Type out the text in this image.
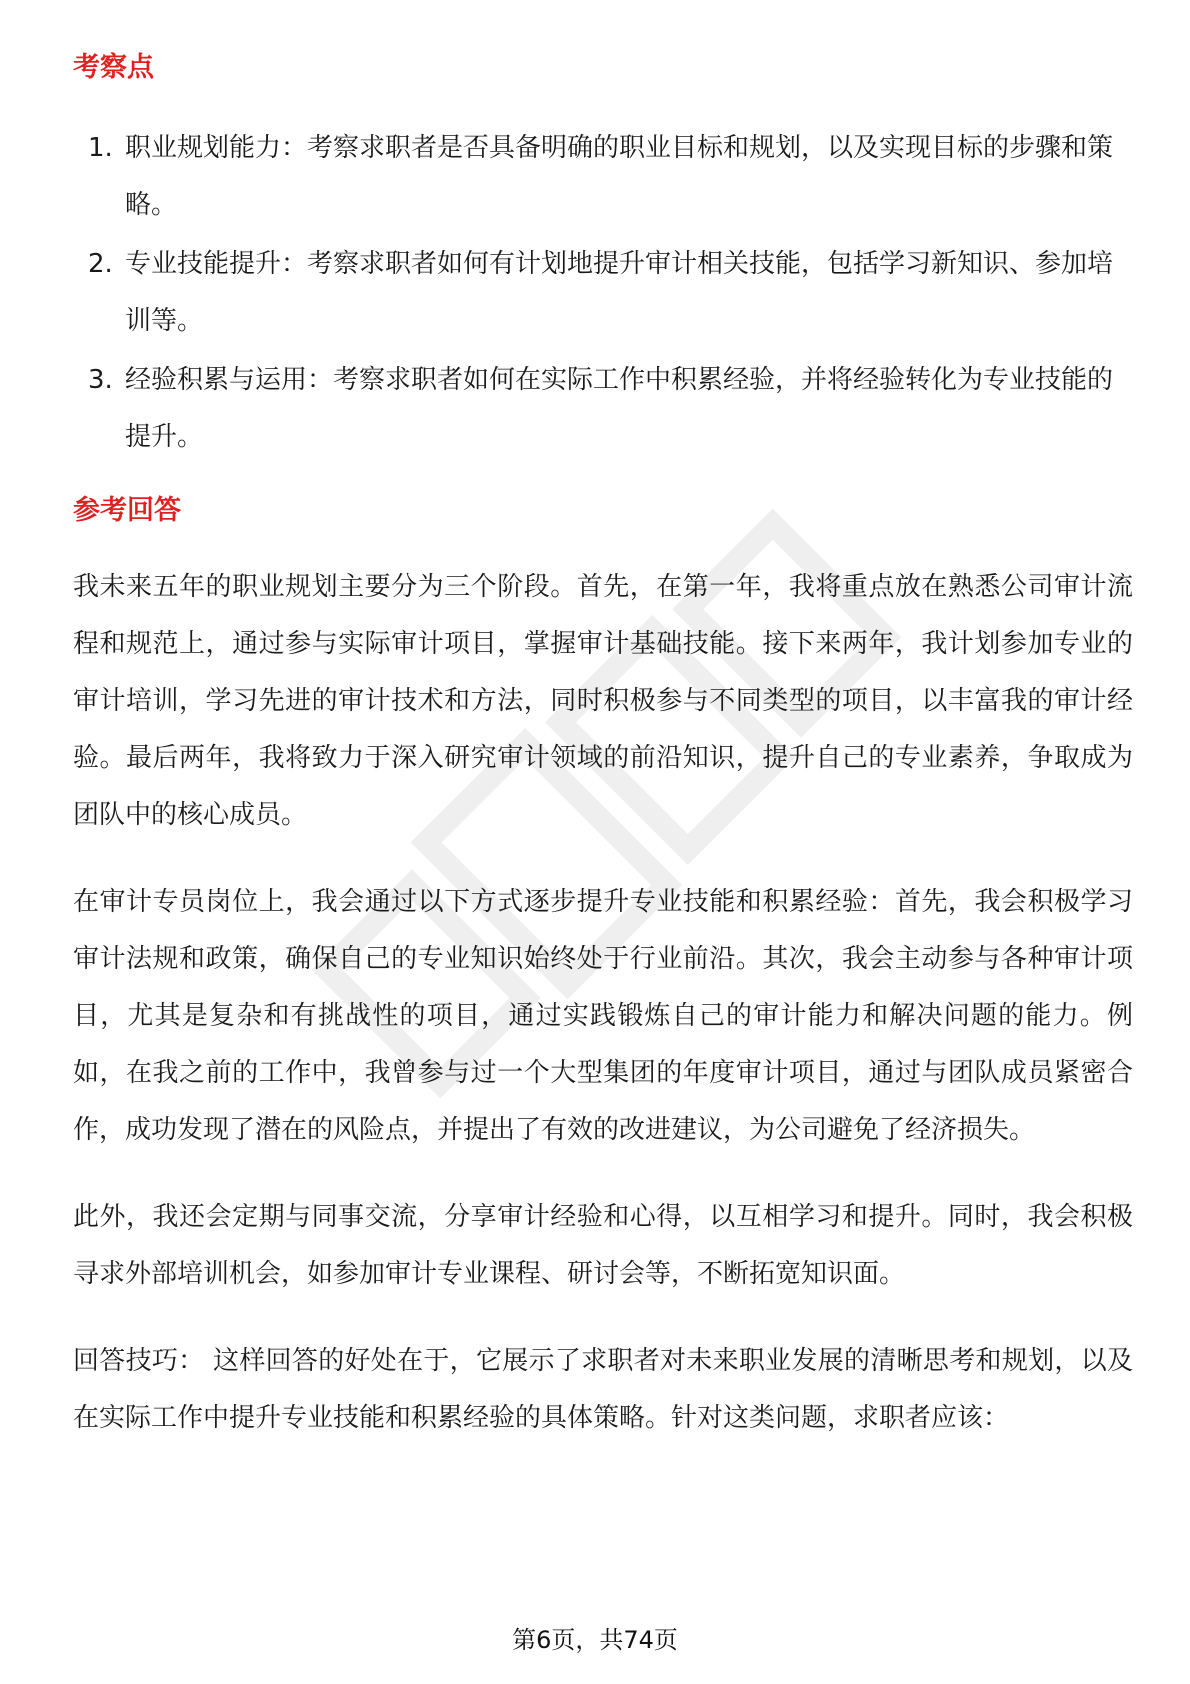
考察点
1. 职业规划能力：考察求职者是否具备明确的职业目标和规划，以及实现目标的步骤和策略。
2. 专业技能提升：考察求职者如何有计划地提升审计相关技能，包括学习新知识、参加培训等。
3. 经验积累与运用：考察求职者如何在实际工作中积累经验，并将经验转化为专业技能的提升。
参考回答

我未来五年的职业规划主要分为三个阶段。首先，在第一年，我将重点放在熟悉公司审计流程和规范上，通过参与实际审计项目，掌握审计基础技能。接下来两年，我计划参加专业的审计培训，学习先进的审计技术和方法，同时积极参与不同类型的项目，以丰富我的审计经验。最后两年，我将致力于深入研究审计领域的前沿知识，提升自己的专业素养，争取成为团队中的核心成员。

在审计专员岗位上，我会通过以下方式逐步提升专业技能和积累经验：首先，我会积极学习审计法规和政策，确保自己的专业知识始终处于行业前沿。其次，我会主动参与各种审计项目，尤其是复杂和有挑战性的项目，通过实践锻炼自己的审计能力和解决问题的能力。例如，在我之前的工作中，我曾参与过一个大型集团的年度审计项目，通过与团队成员紧密合作，成功发现了潜在的风险点，并提出了有效的改进建议，为公司避免了经济损失。

此外，我还会定期与同事交流，分享审计经验和心得，以互相学习和提升。同时，我会积极寻求外部培训机会，如参加审计专业课程、研讨会等，不断拓宽知识面。

回答技巧： 这样回答的好处在于，它展示了求职者对未来职业发展的清晰思考和规划，以及在实际工作中提升专业技能和积累经验的具体策略。针对这类问题，求职者应该：

第6页，共74页
